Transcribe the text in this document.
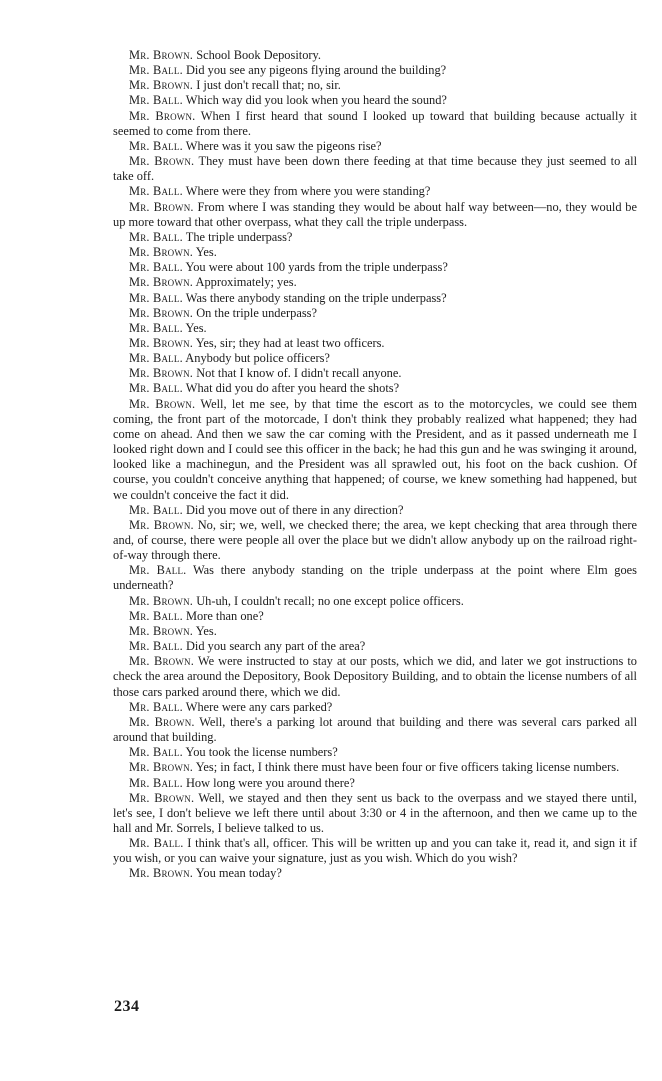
Mr. Brown. School Book Depository.

Mr. Ball. Did you see any pigeons flying around the building?

Mr. Brown. I just don't recall that; no, sir.

Mr. Ball. Which way did you look when you heard the sound?

Mr. Brown. When I first heard that sound I looked up toward that building because actually it seemed to come from there.

Mr. Ball. Where was it you saw the pigeons rise?

Mr. Brown. They must have been down there feeding at that time because they just seemed to all take off.

Mr. Ball. Where were they from where you were standing?

Mr. Brown. From where I was standing they would be about half way between—no, they would be up more toward that other overpass, what they call the triple underpass.

Mr. Ball. The triple underpass?

Mr. Brown. Yes.

Mr. Ball. You were about 100 yards from the triple underpass?

Mr. Brown. Approximately; yes.

Mr. Ball. Was there anybody standing on the triple underpass?

Mr. Brown. On the triple underpass?

Mr. Ball. Yes.

Mr. Brown. Yes, sir; they had at least two officers.

Mr. Ball. Anybody but police officers?

Mr. Brown. Not that I know of. I didn't recall anyone.

Mr. Ball. What did you do after you heard the shots?

Mr. Brown. Well, let me see, by that time the escort as to the motorcycles, we could see them coming, the front part of the motorcade, I don't think they probably realized what happened; they had come on ahead. And then we saw the car coming with the President, and as it passed underneath me I looked right down and I could see this officer in the back; he had this gun and he was swinging it around, looked like a machinegun, and the President was all sprawled out, his foot on the back cushion. Of course, you couldn't conceive anything that happened; of course, we knew something had happened, but we couldn't conceive the fact it did.

Mr. Ball. Did you move out of there in any direction?

Mr. Brown. No, sir; we, well, we checked there; the area, we kept checking that area through there and, of course, there were people all over the place but we didn't allow anybody up on the railroad right-of-way through there.

Mr. Ball. Was there anybody standing on the triple underpass at the point where Elm goes underneath?

Mr. Brown. Uh-uh, I couldn't recall; no one except police officers.

Mr. Ball. More than one?

Mr. Brown. Yes.

Mr. Ball. Did you search any part of the area?

Mr. Brown. We were instructed to stay at our posts, which we did, and later we got instructions to check the area around the Depository, Book Depository Building, and to obtain the license numbers of all those cars parked around there, which we did.

Mr. Ball. Where were any cars parked?

Mr. Brown. Well, there's a parking lot around that building and there was several cars parked all around that building.

Mr. Ball. You took the license numbers?

Mr. Brown. Yes; in fact, I think there must have been four or five officers taking license numbers.

Mr. Ball. How long were you around there?

Mr. Brown. Well, we stayed and then they sent us back to the overpass and we stayed there until, let's see, I don't believe we left there until about 3:30 or 4 in the afternoon, and then we came up to the hall and Mr. Sorrels, I believe talked to us.

Mr. Ball. I think that's all, officer. This will be written up and you can take it, read it, and sign it if you wish, or you can waive your signature, just as you wish. Which do you wish?

Mr. Brown. You mean today?

234
